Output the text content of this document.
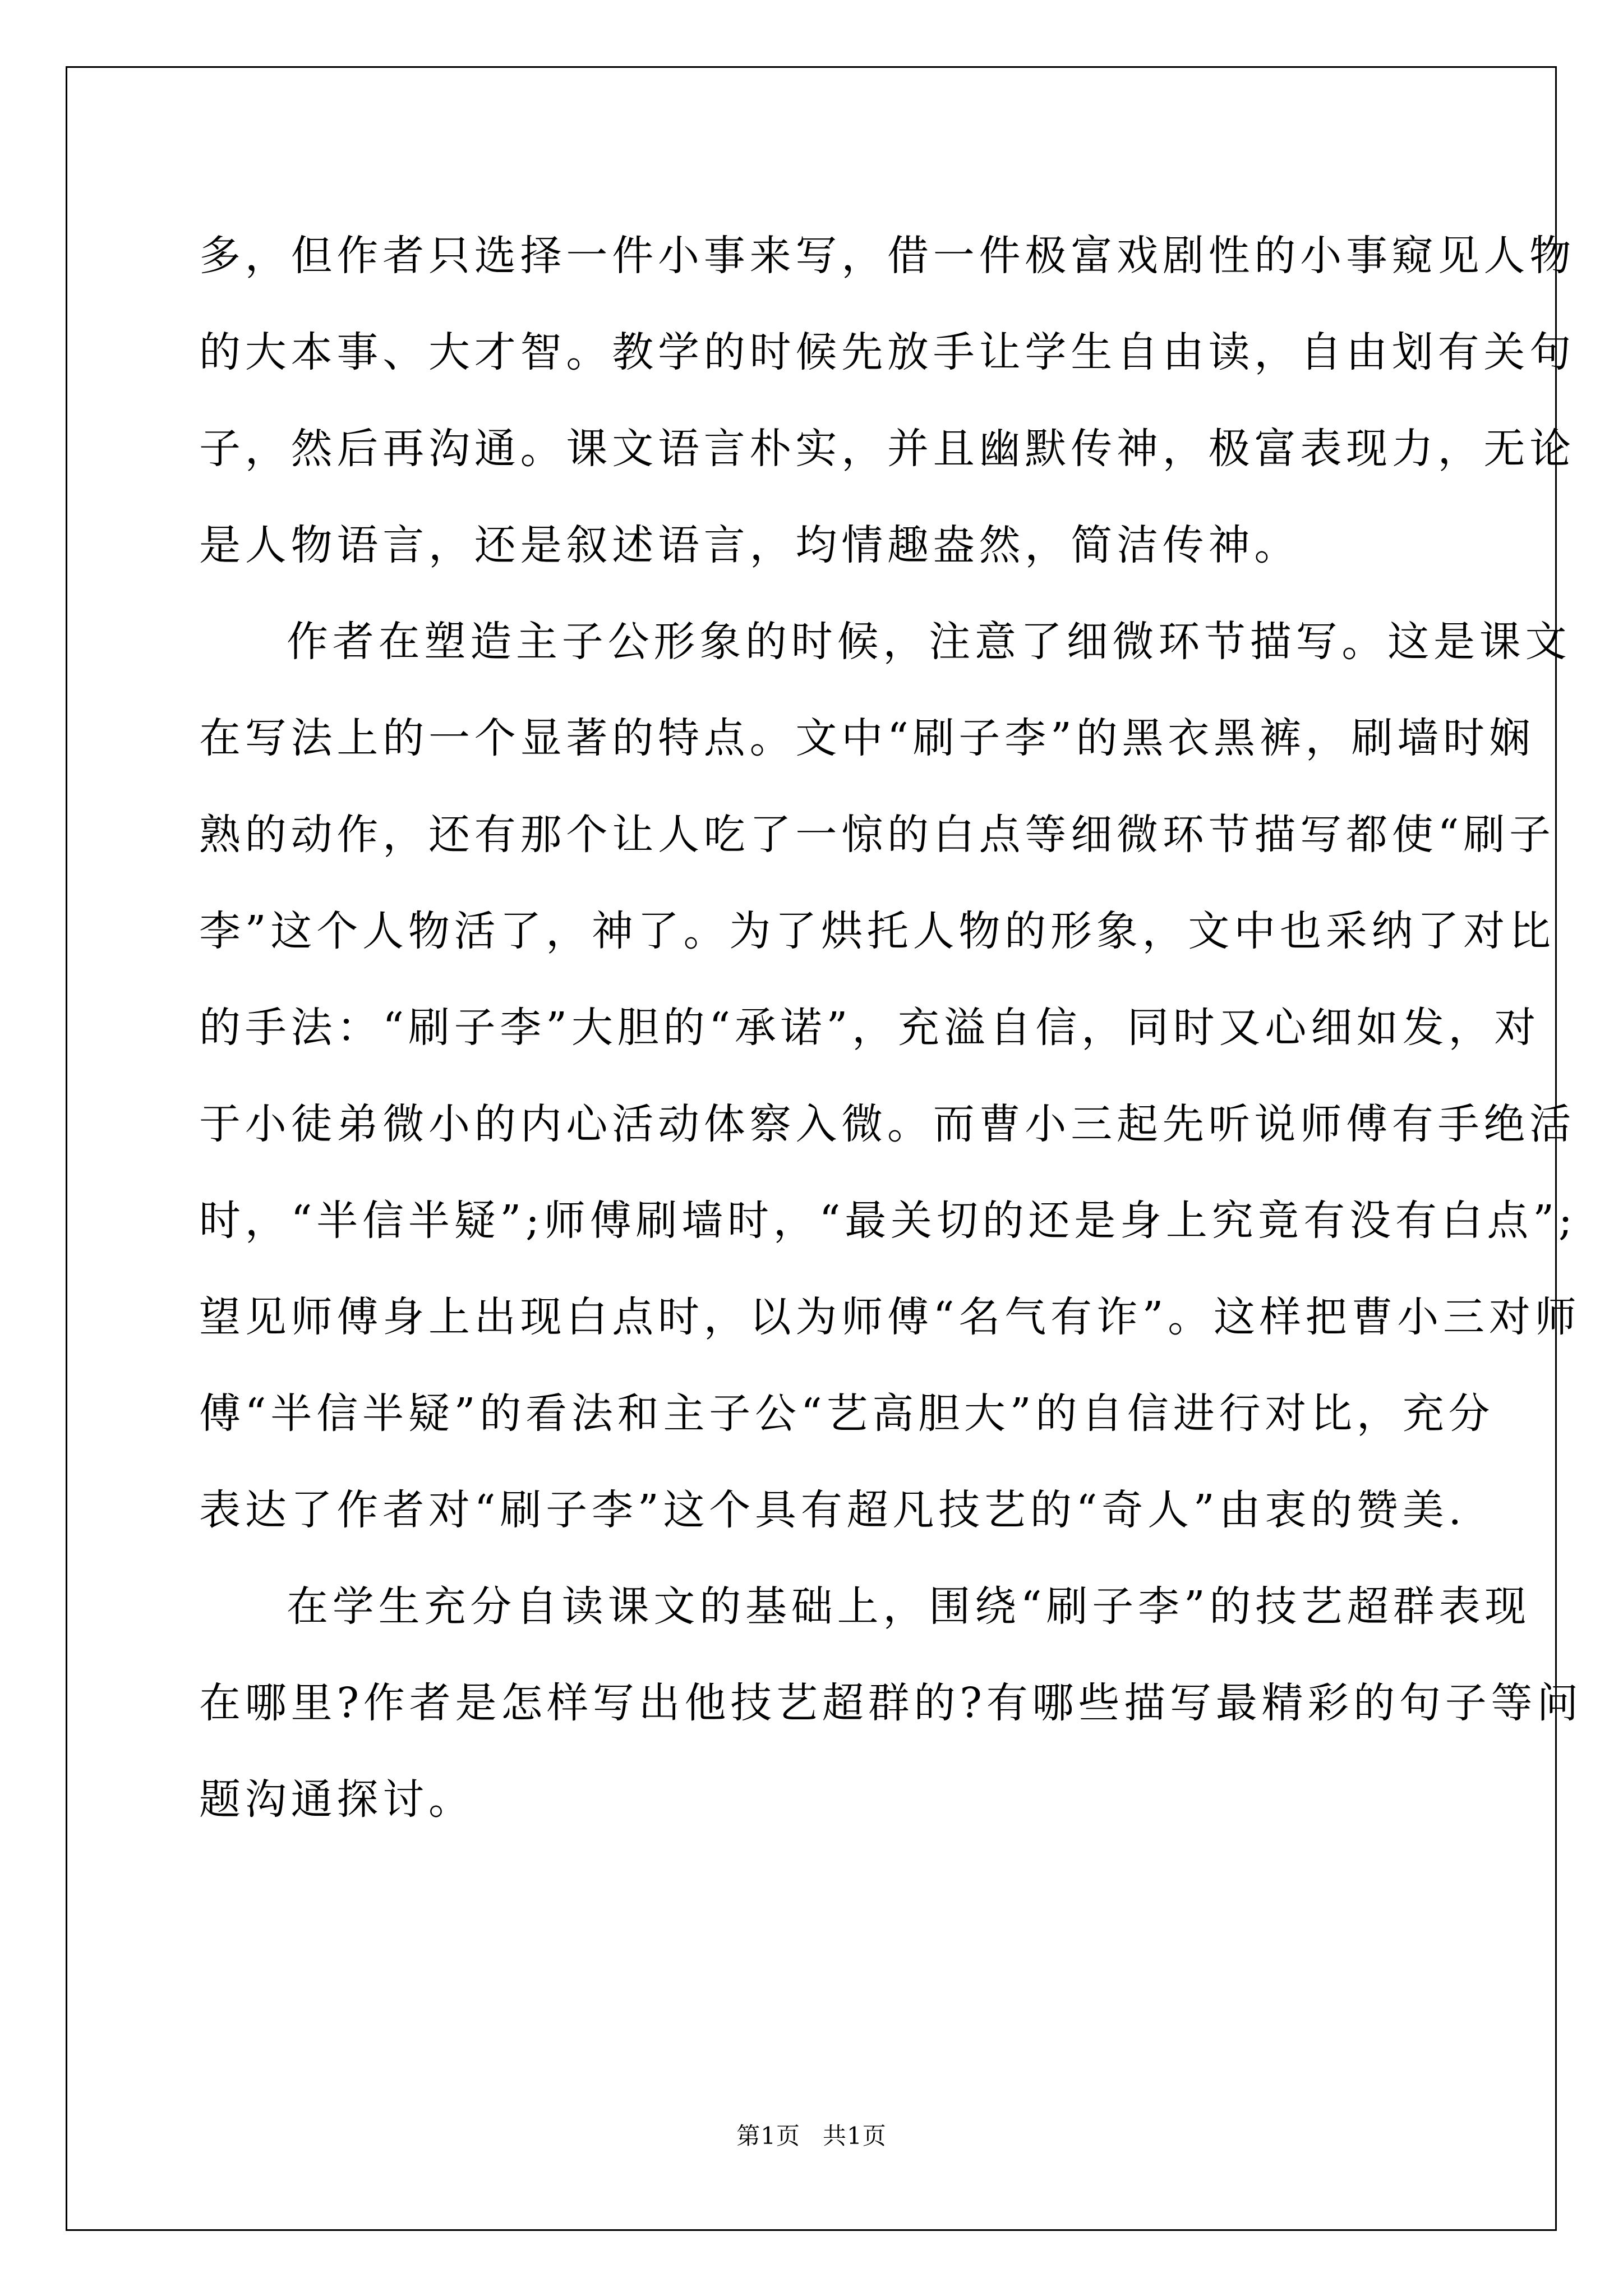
多，但作者只选择一件小事来写，借一件极富戏剧性的小事窥见人物
的大本事、大才智。教学的时候先放手让学生自由读，自由划有关句
子，然后再沟通。课文语言朴实，并且幽默传神，极富表现力，无论
是人物语言，还是叙述语言，均情趣盎然，简洁传神。

作者在塑造主子公形象的时候，注意了细微环节描写。这是课文
在写法上的一个显著的特点。文中“刷子李”的黑衣黑裤，刷墙时娴
熟的动作，还有那个让人吃了一惊的白点等细微环节描写都使“刷子
李”这个人物活了，神了。为了烘托人物的形象，文中也采纳了对比
的手法：“刷子李”大胆的“承诺”，充溢自信，同时又心细如发，对
于小徒弟微小的内心活动体察入微。而曹小三起先听说师傅有手绝活
时，“半信半疑”;师傅刷墙时，“最关切的还是身上究竟有没有白点”;
望见师傅身上出现白点时，以为师傅“名气有诈”。这样把曹小三对师
傅“半信半疑”的看法和主子公“艺高胆大”的自信进行对比，充分
表达了作者对“刷子李”这个具有超凡技艺的“奇人”由衷的赞美.

在学生充分自读课文的基础上，围绕“刷子李”的技艺超群表现
在哪里?作者是怎样写出他技艺超群的?有哪些描写最精彩的句子等问
题沟通探讨。

第1页 共1页
